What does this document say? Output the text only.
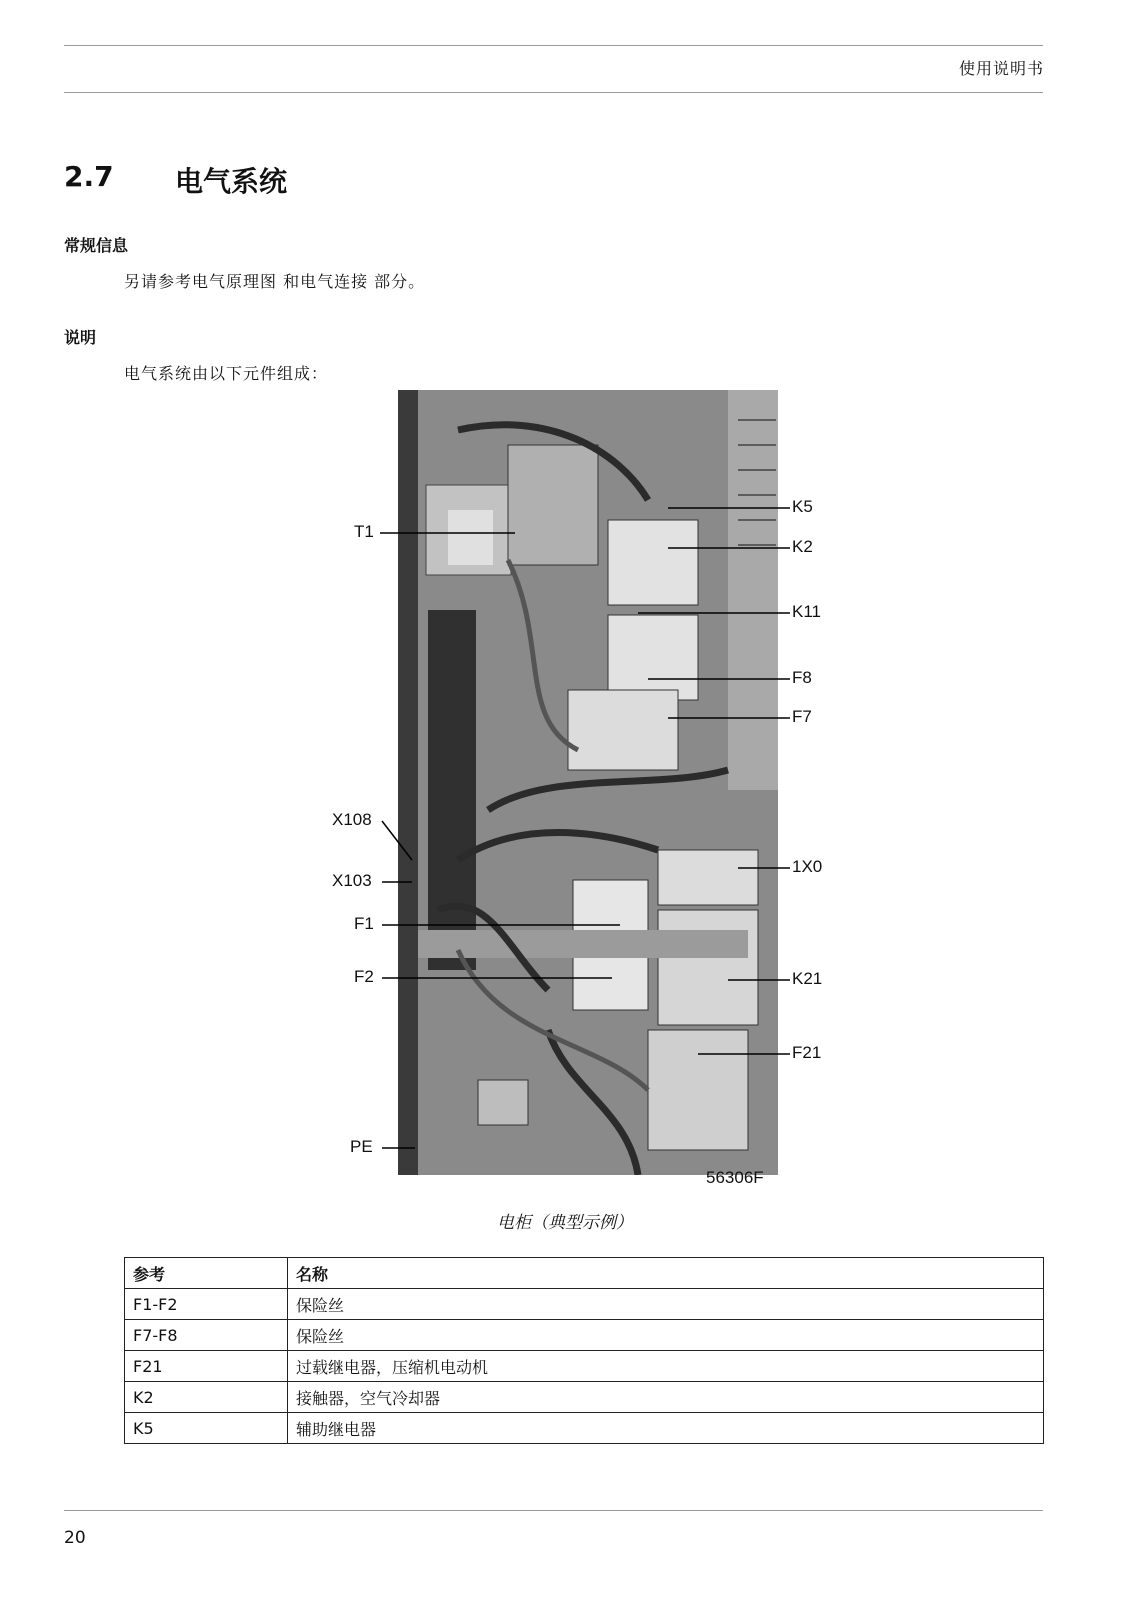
使用说明书
2.7 电气系统
常规信息
另请参考电气原理图 和电气连接 部分。
说明
电气系统由以下元件组成：
T1
X108
X103
F1
F2
PE
K5
K2
K11
F8
F7
1X0
K21
F21
56306F
电柜（典型示例）
参考	名称
F1-F2	保险丝
F7-F8	保险丝
F21	过载继电器，压缩机电动机
K2	接触器，空气冷却器
K5	辅助继电器
20
